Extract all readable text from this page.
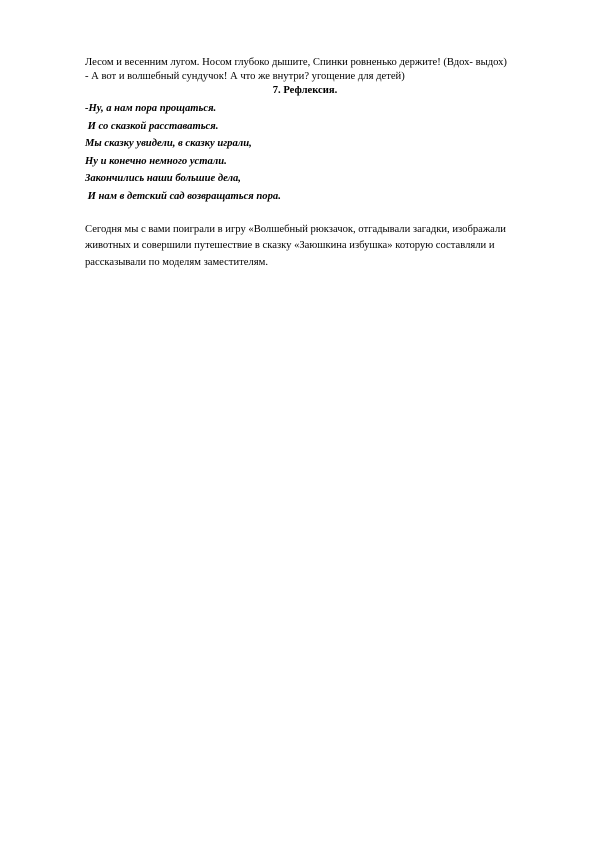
Лесом и весенним лугом. Носом глубоко дышите, Спинки ровненько держите! (Вдох- выдох)

- А вот и волшебный сундучок! А что же внутри? угощение для детей)

7. Рефлексия.

-Ну, а нам пора прощаться.
И со сказкой расставаться.
Мы сказку увидели, в сказку играли,
Ну и конечно немного устали.
Закончились наши большие дела,
И нам в детский сад возвращаться пора.

Сегодня мы с вами поиграли в игру «Волшебный рюкзачок, отгадывали загадки, изображали животных и совершили путешествие в сказку «Заюшкина избушка» которую составляли и рассказывали по моделям заместителям.
